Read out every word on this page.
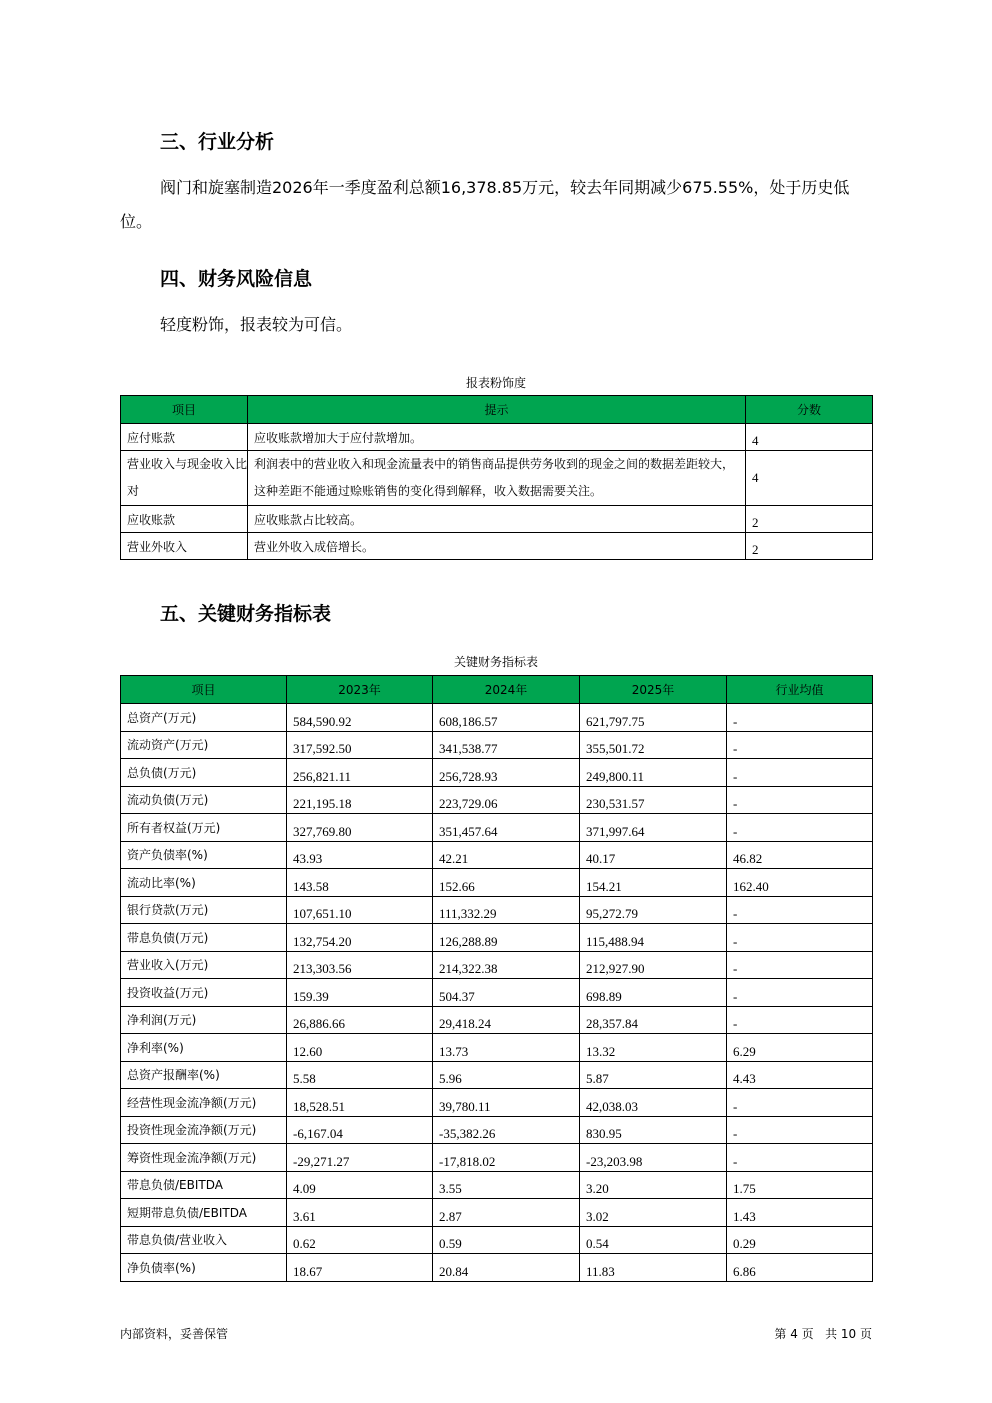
三、行业分析

阀门和旋塞制造2026年一季度盈利总额16,378.85万元，较去年同期减少675.55%，处于历史低位。

四、财务风险信息

轻度粉饰，报表较为可信。

报表粉饰度

项目	提示	分数
应付账款	应收账款增加大于应付款增加。	4
营业收入与现金收入比对	利润表中的营业收入和现金流量表中的销售商品提供劳务收到的现金之间的数据差距较大，这种差距不能通过赊账销售的变化得到解释，收入数据需要关注。	4
应收账款	应收账款占比较高。	2
营业外收入	营业外收入成倍增长。	2
五、关键财务指标表

关键财务指标表

项目	2023年	2024年	2025年	行业均值
总资产(万元)	584,590.92	608,186.57	621,797.75	-
流动资产(万元)	317,592.50	341,538.77	355,501.72	-
总负债(万元)	256,821.11	256,728.93	249,800.11	-
流动负债(万元)	221,195.18	223,729.06	230,531.57	-
所有者权益(万元)	327,769.80	351,457.64	371,997.64	-
资产负债率(%)	43.93	42.21	40.17	46.82
流动比率(%)	143.58	152.66	154.21	162.40
银行贷款(万元)	107,651.10	111,332.29	95,272.79	-
带息负债(万元)	132,754.20	126,288.89	115,488.94	-
营业收入(万元)	213,303.56	214,322.38	212,927.90	-
投资收益(万元)	159.39	504.37	698.89	-
净利润(万元)	26,886.66	29,418.24	28,357.84	-
净利率(%)	12.60	13.73	13.32	6.29
总资产报酬率(%)	5.58	5.96	5.87	4.43
经营性现金流净额(万元)	18,528.51	39,780.11	42,038.03	-
投资性现金流净额(万元)	-6,167.04	-35,382.26	830.95	-
筹资性现金流净额(万元)	-29,271.27	-17,818.02	-23,203.98	-
带息负债/EBITDA	4.09	3.55	3.20	1.75
短期带息负债/EBITDA	3.61	2.87	3.02	1.43
带息负债/营业收入	0.62	0.59	0.54	0.29
净负债率(%)	18.67	20.84	11.83	6.86
内部资料，妥善保管	第 4 页   共 10 页
